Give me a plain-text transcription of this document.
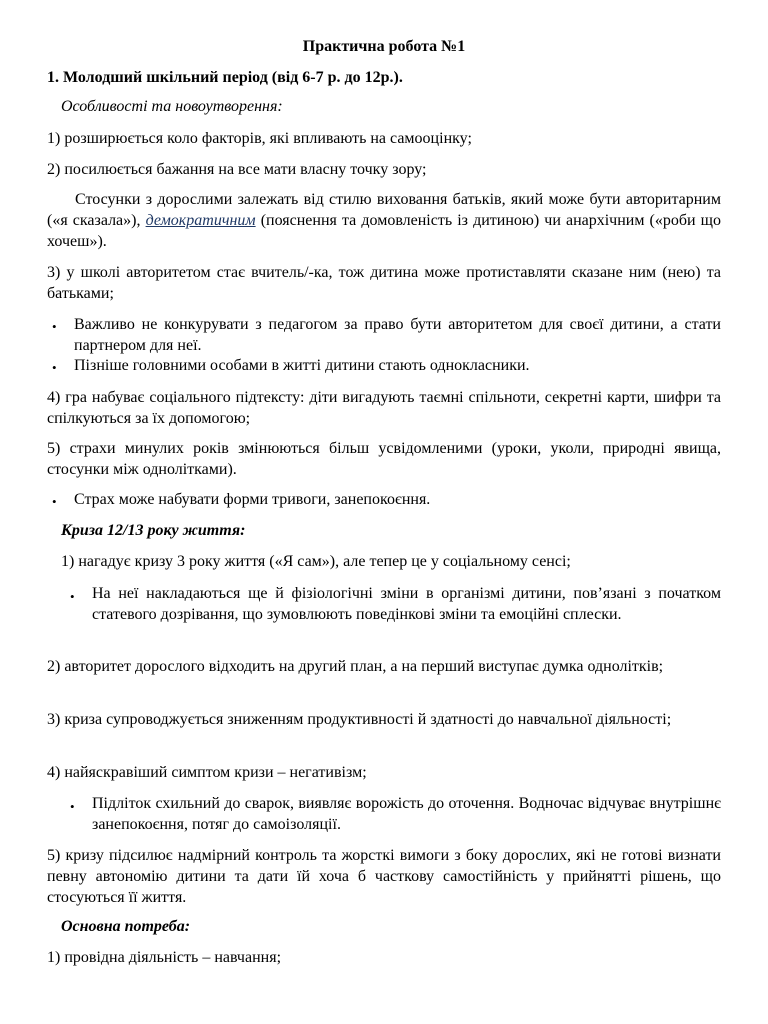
Практична робота №1
1. Молодший шкільний період (від 6-7 р. до 12р.).
Особливості та новоутворення:
1) розширюється коло факторів, які впливають на самооцінку;
2) посилюється бажання на все мати власну точку зору;
Стосунки з дорослими залежать від стилю виховання батьків, який може бути авторитарним («я сказала»), демократичним (пояснення та домовленість із дитиною) чи анархічним («роби що хочеш»).
3) у школі авторитетом стає вчитель/-ка, тож дитина може протиставляти сказане ним (нею) та батьками;
• Важливо не конкурувати з педагогом за право бути авторитетом для своєї дитини, а стати партнером для неї.
• Пізніше головними особами в житті дитини стають однокласники.
4) гра набуває соціального підтексту: діти вигадують таємні спільноти, секретні карти, шифри та спілкуються за їх допомогою;
5) страхи минулих років змінюються більш усвідомленими (уроки, уколи, природні явища, стосунки між однолітками).
• Страх може набувати форми тривоги, занепокоєння.
Криза 12/13 року життя:
1) нагадує кризу 3 року життя («Я сам»), але тепер це у соціальному сенсі;
• На неї накладаються ще й фізіологічні зміни в організмі дитини, пов’язані з початком статевого дозрівання, що зумовлюють поведінкові зміни та емоційні сплески.
2) авторитет дорослого відходить на другий план, а на перший виступає думка однолітків;
3) криза супроводжується зниженням продуктивності й здатності до навчальної діяльності;
4) найяскравіший симптом кризи – негативізм;
• Підліток схильний до сварок, виявляє ворожість до оточення. Водночас відчуває внутрішнє занепокоєння, потяг до самоізоляції.
5) кризу підсилює надмірний контроль та жорсткі вимоги з боку дорослих, які не готові визнати певну автономію дитини та дати їй хоча б часткову самостійність у прийнятті рішень, що стосуються її життя.
Основна потреба:
1) провідна діяльність – навчання;
